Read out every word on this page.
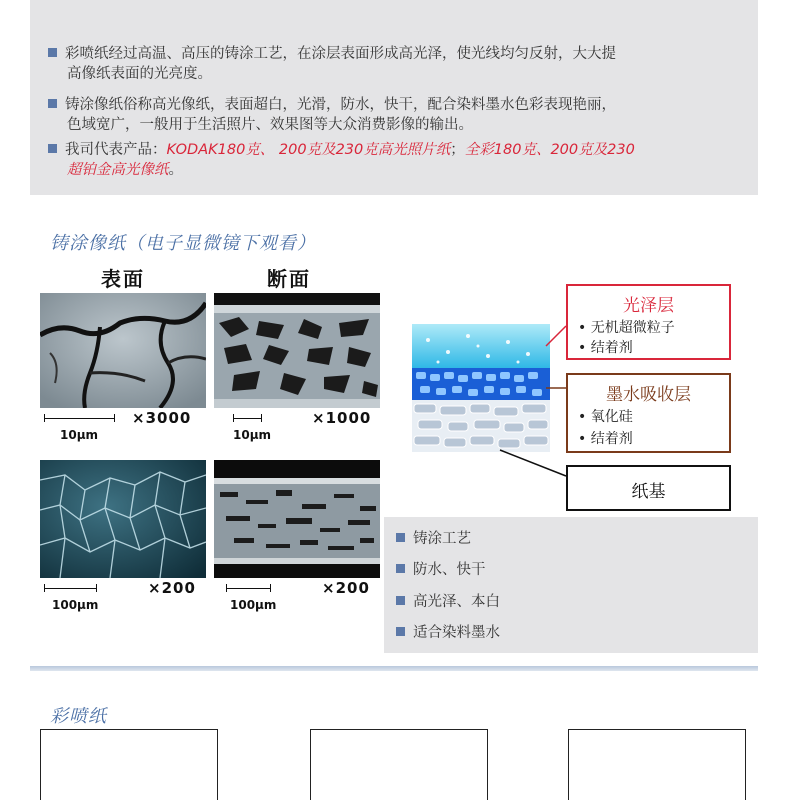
彩喷纸经过高温、高压的铸涂工艺，在涂层表面形成高光泽，使光线均匀反射，大大提
高像纸表面的光亮度。
铸涂像纸俗称高光像纸，表面超白，光滑，防水，快干，配合染料墨水色彩表现艳丽，
色域宽广，一般用于生活照片、效果图等大众消费影像的输出。
我司代表产品：KODAK180克、 200克及230克高光照片纸；全彩180克、200克及230
超铂金高光像纸。
铸涂像纸（电子显微镜下观看）
表面	断面
10μm
×3000
10μm
×1000
100μm
×200
100μm
×200
光泽层
• 无机超微粒子
• 结着剂
墨水吸收层
• 氧化硅
• 结着剂
纸基
铸涂工艺
防水、快干
高光泽、本白
适合染料墨水
彩喷纸
